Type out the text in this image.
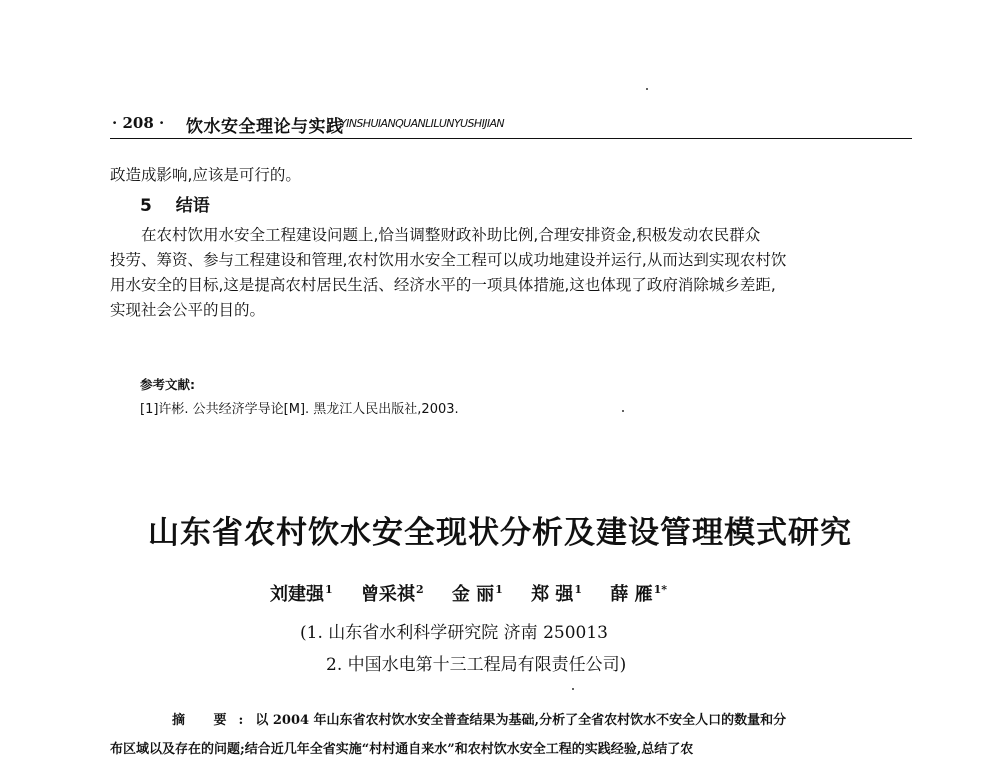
· 208 · 饮水安全理论与实践
YINSHUIANQUANLILUNYUSHIJIAN
政造成影响,应该是可行的。
5 结语
在农村饮用水安全工程建设问题上,恰当调整财政补助比例,合理安排资金,积极发动农民群众
投劳、筹资、参与工程建设和管理,农村饮用水安全工程可以成功地建设并运行,从而达到实现农村饮
用水安全的目标,这是提高农村居民生活、经济水平的一项具体措施,这也体现了政府消除城乡差距,
实现社会公平的目的。
参考文献:
[1]许彬. 公共经济学导论[M]. 黑龙江人民出版社,2003.
山东省农村饮水安全现状分析及建设管理模式研究
刘建强$^1$ 曾采祺$^2$ 金 丽$^1$ 郑 强$^1$ 薛 雁$^{1*}$
(1. 山东省水利科学研究院 济南 250013
2. 中国水电第十三工程局有限责任公司)
摘 要:以 2004 年山东省农村饮水安全普查结果为基础,分析了全省农村饮水不安全人口的数量和分
布区域以及存在的问题;结合近几年全省实施“村村通自来水”和农村饮水安全工程的实践经验,总结了农
